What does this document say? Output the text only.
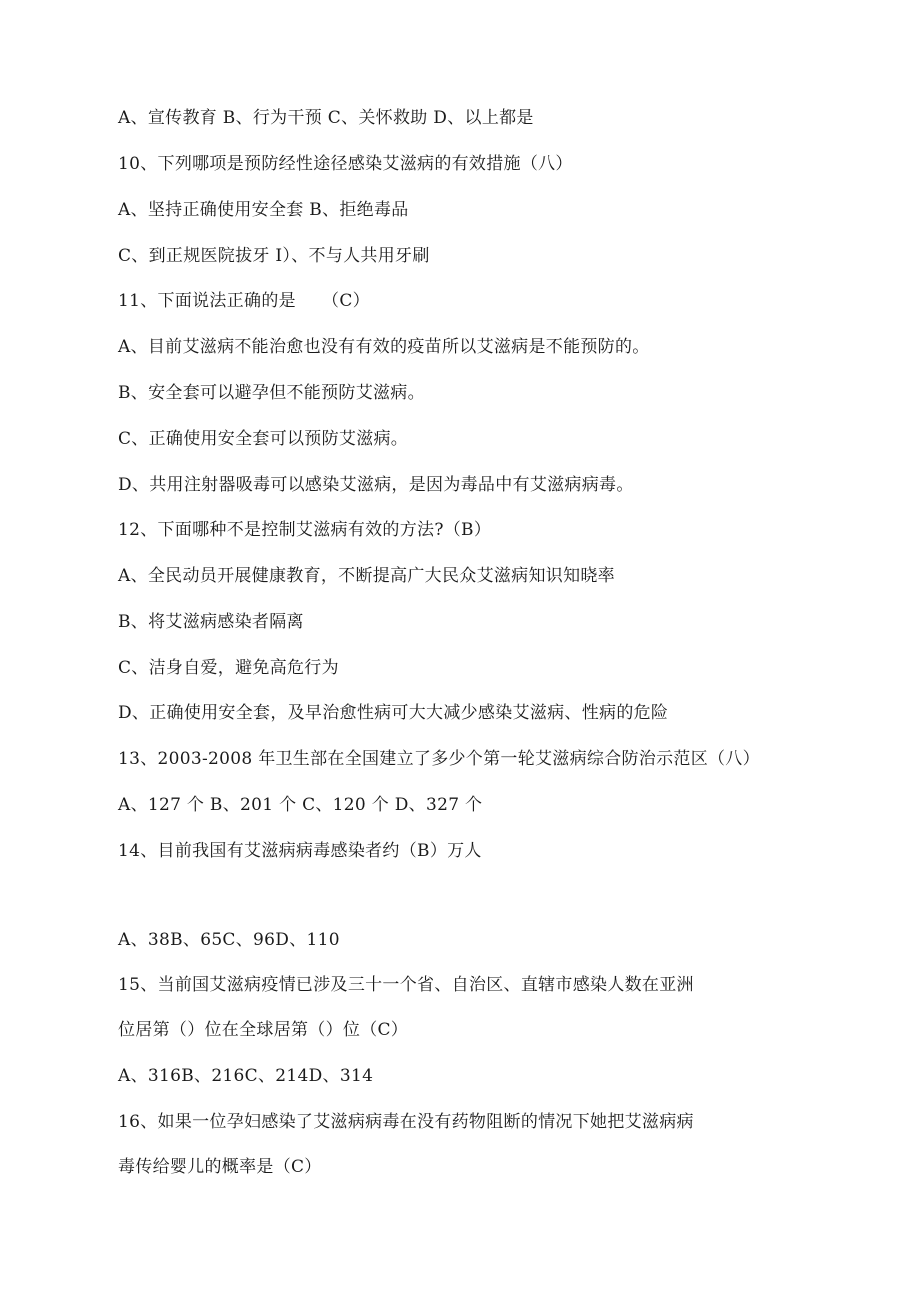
A、宣传教育 B、行为干预 C、关怀救助 D、以上都是
10、下列哪项是预防经性途径感染艾滋病的有效措施（八）
A、坚持正确使用安全套 B、拒绝毒品
C、到正规医院拔牙 I）、不与人共用牙刷
11、下面说法正确的是　　（C）
A、目前艾滋病不能治愈也没有有效的疫苗所以艾滋病是不能预防的。
B、安全套可以避孕但不能预防艾滋病。
C、正确使用安全套可以预防艾滋病。
D、共用注射器吸毒可以感染艾滋病，是因为毒品中有艾滋病病毒。
12、下面哪种不是控制艾滋病有效的方法?（B）
A、全民动员开展健康教育，不断提高广大民众艾滋病知识知晓率
B、将艾滋病感染者隔离
C、洁身自爱，避免高危行为
D、正确使用安全套，及早治愈性病可大大减少感染艾滋病、性病的危险
13、2003-2008 年卫生部在全国建立了多少个第一轮艾滋病综合防治示范区（八）
A、127 个 B、201 个 C、120 个 D、327 个
14、目前我国有艾滋病病毒感染者约（B）万人
A、38B、65C、96D、110
15、当前国艾滋病疫情已涉及三十一个省、自治区、直辖市感染人数在亚洲
位居第（）位在全球居第（）位（C）
A、316B、216C、214D、314
16、如果一位孕妇感染了艾滋病病毒在没有药物阻断的情况下她把艾滋病病
毒传给婴儿的概率是（C）
